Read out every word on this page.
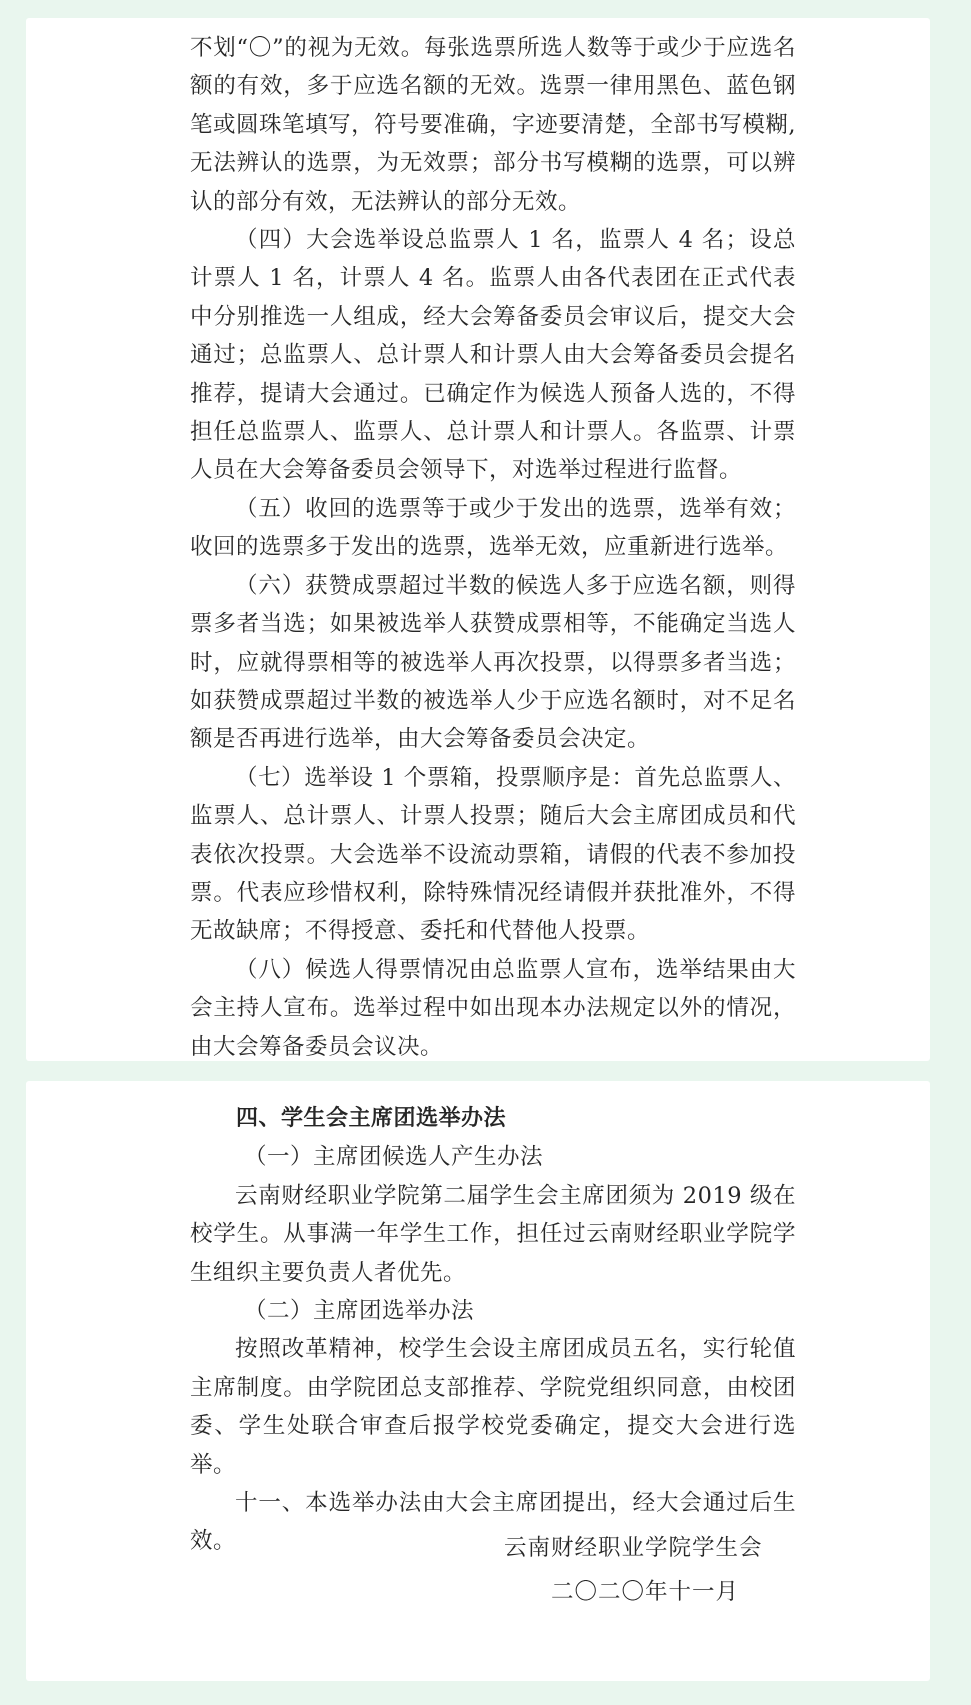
不划“〇”的视为无效。每张选票所选人数等于或少于应选名额的有效，多于应选名额的无效。选票一律用黑色、蓝色钢笔或圆珠笔填写，符号要准确，字迹要清楚，全部书写模糊,无法辨认的选票，为无效票；部分书写模糊的选票，可以辨认的部分有效，无法辨认的部分无效。

（四）大会选举设总监票人 1 名，监票人 4 名；设总计票人 1 名，计票人 4 名。监票人由各代表团在正式代表中分别推选一人组成，经大会筹备委员会审议后，提交大会通过；总监票人、总计票人和计票人由大会筹备委员会提名推荐，提请大会通过。已确定作为候选人预备人选的，不得担任总监票人、监票人、总计票人和计票人。各监票、计票人员在大会筹备委员会领导下，对选举过程进行监督。

（五）收回的选票等于或少于发出的选票，选举有效；收回的选票多于发出的选票，选举无效，应重新进行选举。

（六）获赞成票超过半数的候选人多于应选名额，则得票多者当选；如果被选举人获赞成票相等，不能确定当选人时，应就得票相等的被选举人再次投票，以得票多者当选；如获赞成票超过半数的被选举人少于应选名额时，对不足名额是否再进行选举，由大会筹备委员会决定。

（七）选举设 1 个票箱，投票顺序是：首先总监票人、监票人、总计票人、计票人投票；随后大会主席团成员和代表依次投票。大会选举不设流动票箱，请假的代表不参加投票。代表应珍惜权利，除特殊情况经请假并获批准外，不得无故缺席；不得授意、委托和代替他人投票。

（八）候选人得票情况由总监票人宣布，选举结果由大会主持人宣布。选举过程中如出现本办法规定以外的情况，由大会筹备委员会议决。

四、学生会主席团选举办法

（一）主席团候选人产生办法

云南财经职业学院第二届学生会主席团须为 2019 级在校学生。从事满一年学生工作，担任过云南财经职业学院学生组织主要负责人者优先。

（二）主席团选举办法

按照改革精神，校学生会设主席团成员五名，实行轮值主席制度。由学院团总支部推荐、学院党组织同意，由校团委、学生处联合审查后报学校党委确定，提交大会进行选举。

十一、本选举办法由大会主席团提出，经大会通过后生效。	云南财经职业学院学生会
二〇二〇年十一月
